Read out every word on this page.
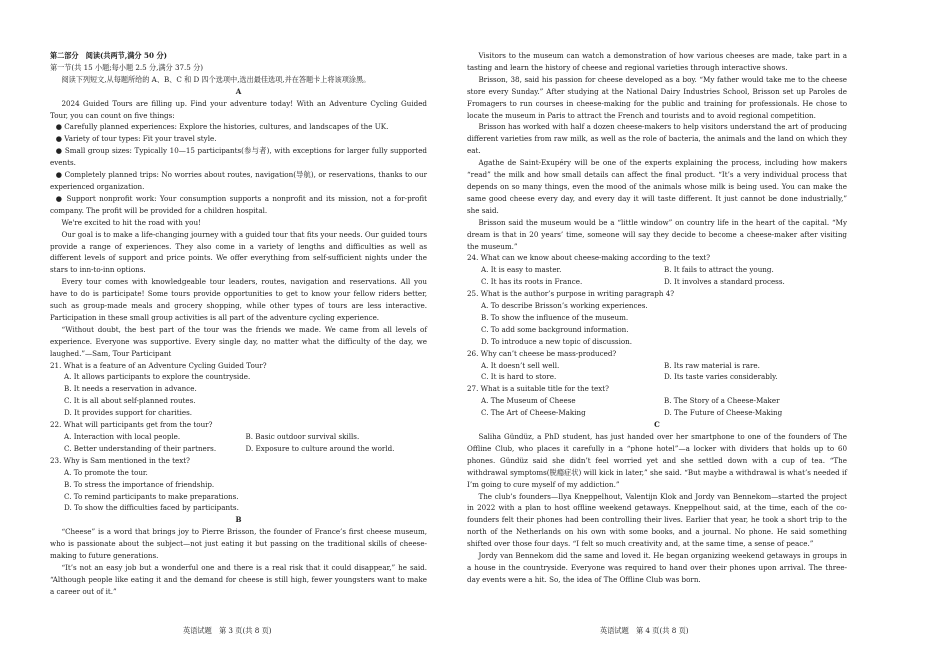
第二部分　阅读(共两节,满分 50 分)

第一节(共 15 小题;每小题 2.5 分,满分 37.5 分)

阅读下列短文,从每题所给的 A、B、C 和 D 四个选项中,选出最佳选项,并在答题卡上将该项涂黑。

A

2024 Guided Tours are filling up. Find your adventure today! With an Adventure Cycling Guided Tour, you can count on five things:

● Carefully planned experiences: Explore the histories, cultures, and landscapes of the UK.

● Variety of tour types: Fit your travel style.

● Small group sizes: Typically 10—15 participants(参与者), with exceptions for larger fully supported events.

● Completely planned trips: No worries about routes, navigation(导航), or reservations, thanks to our experienced organization.

● Support nonprofit work: Your consumption supports a nonprofit and its mission, not a for-profit company. The profit will be provided for a children hospital.

We're excited to hit the road with you!

Our goal is to make a life-changing journey with a guided tour that fits your needs. Our guided tours provide a range of experiences. They also come in a variety of lengths and difficulties as well as different levels of support and price points. We offer everything from self-sufficient nights under the stars to inn-to-inn options.

Every tour comes with knowledgeable tour leaders, routes, navigation and reservations. All you have to do is participate! Some tours provide opportunities to get to know your fellow riders better, such as group-made meals and grocery shopping, while other types of tours are less interactive. Participation in these small group activities is all part of the adventure cycling experience.

“Without doubt, the best part of the tour was the friends we made. We came from all levels of experience. Everyone was supportive. Every single day, no matter what the difficulty of the day, we laughed.”—Sam, Tour Participant

21. What is a feature of an Adventure Cycling Guided Tour?

A. It allows participants to explore the countryside.

B. It needs a reservation in advance.

C. It is all about self-planned routes.

D. It provides support for charities.

22. What will participants get from the tour?

A. Interaction with local people.	B. Basic outdoor survival skills.
C. Better understanding of their partners.	D. Exposure to culture around the world.

23. Why is Sam mentioned in the text?

A. To promote the tour.

B. To stress the importance of friendship.

C. To remind participants to make preparations.

D. To show the difficulties faced by participants.

B

“Cheese” is a word that brings joy to Pierre Brisson, the founder of France’s first cheese museum, who is passionate about the subject—not just eating it but passing on the traditional skills of cheese-making to future generations.

“It’s not an easy job but a wonderful one and there is a real risk that it could disappear,” he said. “Although people like eating it and the demand for cheese is still high, fewer youngsters want to make a career out of it.”

Visitors to the museum can watch a demonstration of how various cheeses are made, take part in a tasting and learn the history of cheese and regional varieties through interactive shows.

Brisson, 38, said his passion for cheese developed as a boy. “My father would take me to the cheese store every Sunday.” After studying at the National Dairy Industries School, Brisson set up Paroles de Fromagers to run courses in cheese-making for the public and training for professionals. He chose to locate the museum in Paris to attract the French and tourists and to avoid regional competition.

Brisson has worked with half a dozen cheese-makers to help visitors understand the art of producing different varieties from raw milk, as well as the role of bacteria, the animals and the land on which they eat.

Agathe de Saint-Exupéry will be one of the experts explaining the process, including how makers “read” the milk and how small details can affect the final product. “It’s a very individual process that depends on so many things, even the mood of the animals whose milk is being used. You can make the same good cheese every day, and every day it will taste different. It just cannot be done industrially,” she said.

Brisson said the museum would be a “little window” on country life in the heart of the capital. “My dream is that in 20 years’ time, someone will say they decide to become a cheese-maker after visiting the museum.”

24. What can we know about cheese-making according to the text?

A. It is easy to master.	B. It fails to attract the young.
C. It has its roots in France.	D. It involves a standard process.

25. What is the author’s purpose in writing paragraph 4?

A. To describe Brisson’s working experiences.

B. To show the influence of the museum.

C. To add some background information.

D. To introduce a new topic of discussion.

26. Why can’t cheese be mass-produced?

A. It doesn’t sell well.	B. Its raw material is rare.
C. It is hard to store.	D. Its taste varies considerably.

27. What is a suitable title for the text?

A. The Museum of Cheese	B. The Story of a Cheese-Maker
C. The Art of Cheese-Making	D. The Future of Cheese-Making

C

Saliha Gündüz, a PhD student, has just handed over her smartphone to one of the founders of The Offline Club, who places it carefully in a “phone hotel”—a locker with dividers that holds up to 60 phones. Gündüz said she didn’t feel worried yet and she settled down with a cup of tea. “The withdrawal symptoms(脱瘾症状) will kick in later,” she said. “But maybe a withdrawal is what’s needed if I’m going to cure myself of my addiction.”

The club’s founders—Ilya Kneppelhout, Valentijn Klok and Jordy van Bennekom—started the project in 2022 with a plan to host offline weekend getaways. Kneppelhout said, at the time, each of the co-founders felt their phones had been controlling their lives. Earlier that year, he took a short trip to the north of the Netherlands on his own with some books, and a journal. No phone. He said something shifted over those four days. “I felt so much creativity and, at the same time, a sense of peace.”

Jordy van Bennekom did the same and loved it. He began organizing weekend getaways in groups in a house in the countryside. Everyone was required to hand over their phones upon arrival. The three-day events were a hit. So, the idea of The Offline Club was born.

英语试题　第 3 页(共 8 页)	英语试题　第 4 页(共 8 页)
